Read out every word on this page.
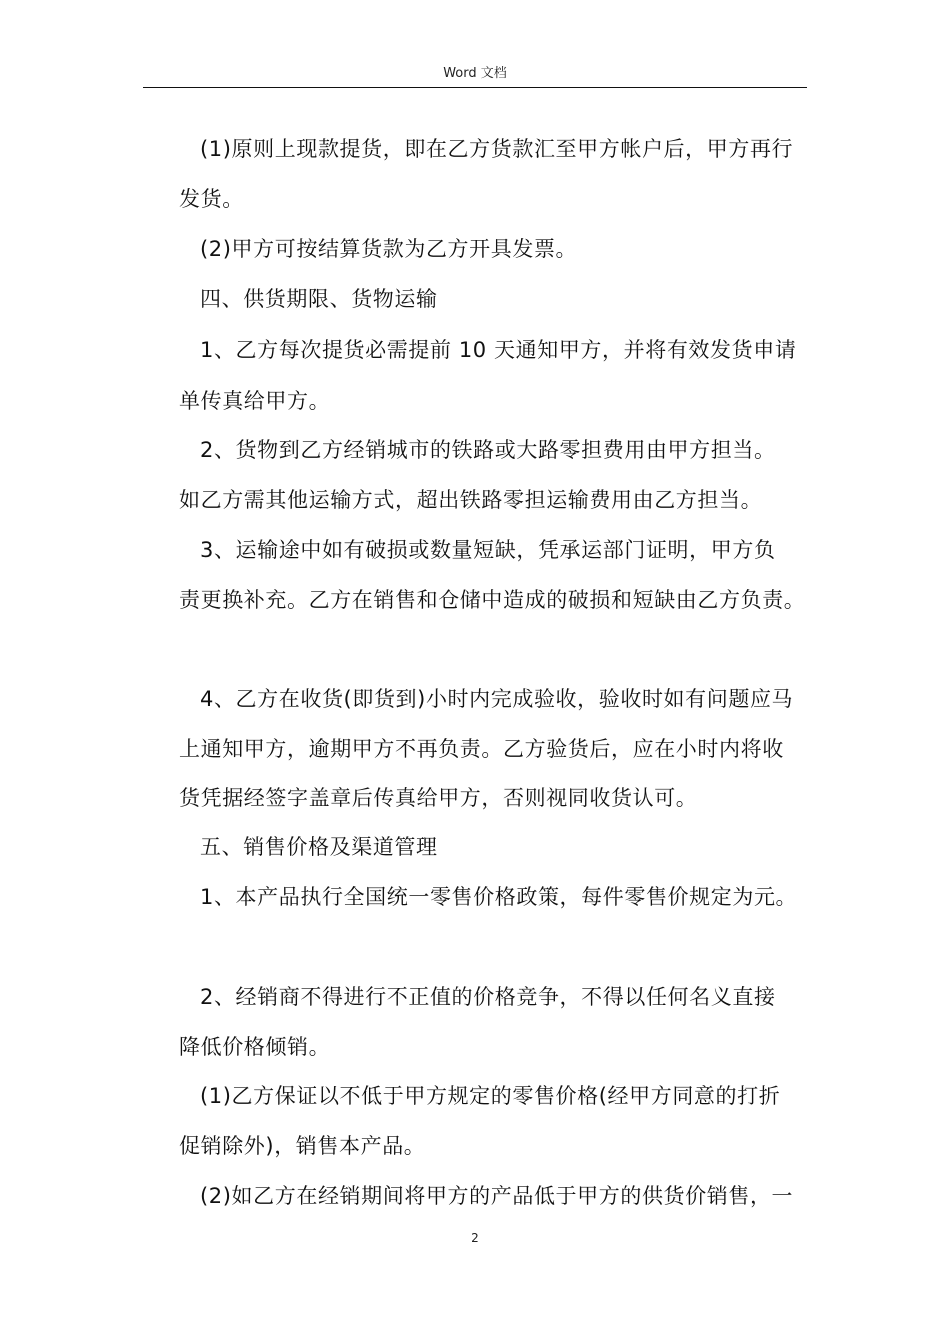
Word 文档
(1)原则上现款提货，即在乙方货款汇至甲方帐户后，甲方再行
发货。
(2)甲方可按结算货款为乙方开具发票。
四、供货期限、货物运输
1、乙方每次提货必需提前 10 天通知甲方，并将有效发货申请
单传真给甲方。
2、货物到乙方经销城市的铁路或大路零担费用由甲方担当。
如乙方需其他运输方式，超出铁路零担运输费用由乙方担当。
3、运输途中如有破损或数量短缺，凭承运部门证明，甲方负
责更换补充。乙方在销售和仓储中造成的破损和短缺由乙方负责。
4、乙方在收货(即货到)小时内完成验收，验收时如有问题应马
上通知甲方，逾期甲方不再负责。乙方验货后，应在小时内将收
货凭据经签字盖章后传真给甲方，否则视同收货认可。
五、销售价格及渠道管理
1、本产品执行全国统一零售价格政策，每件零售价规定为元。
2、经销商不得进行不正值的价格竞争，不得以任何名义直接
降低价格倾销。
(1)乙方保证以不低于甲方规定的零售价格(经甲方同意的打折
促销除外)，销售本产品。
(2)如乙方在经销期间将甲方的产品低于甲方的供货价销售，一
2
